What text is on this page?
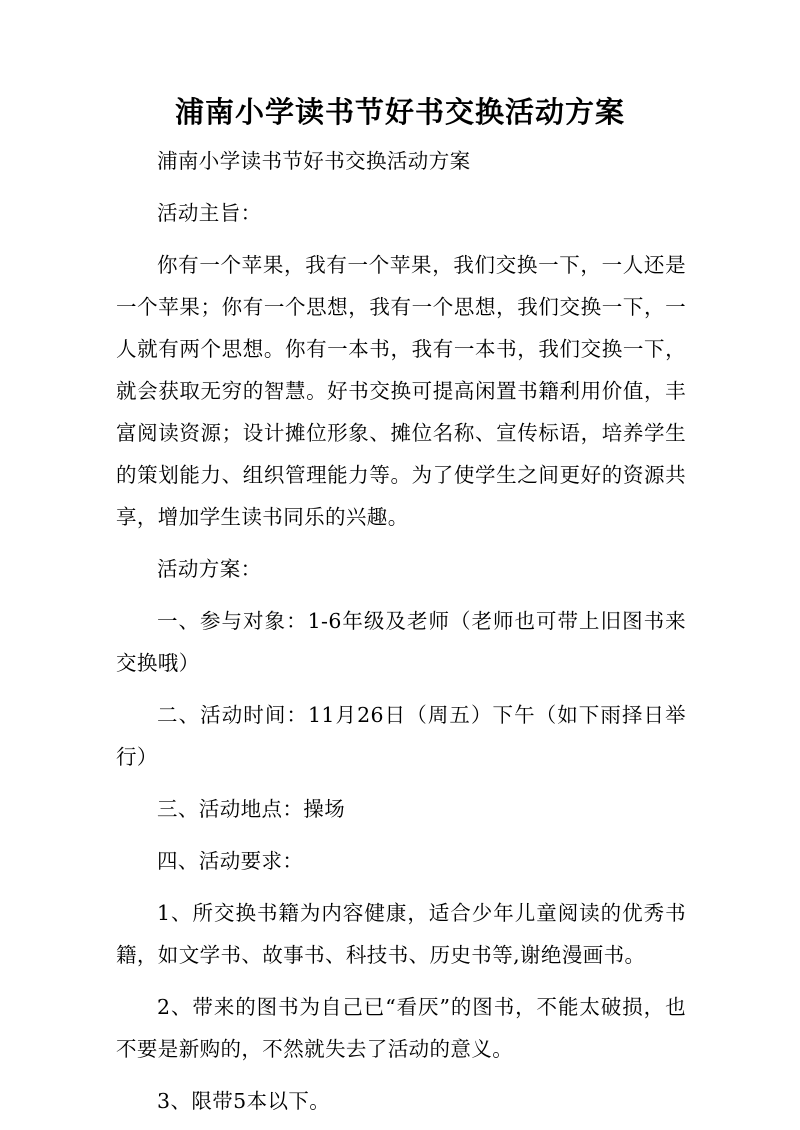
浦南小学读书节好书交换活动方案

浦南小学读书节好书交换活动方案

活动主旨：

你有一个苹果，我有一个苹果，我们交换一下，一人还是一个苹果；你有一个思想，我有一个思想，我们交换一下，一人就有两个思想。你有一本书，我有一本书，我们交换一下，就会获取无穷的智慧。好书交换可提高闲置书籍利用价值，丰富阅读资源；设计摊位形象、摊位名称、宣传标语，培养学生的策划能力、组织管理能力等。为了使学生之间更好的资源共享，增加学生读书同乐的兴趣。

活动方案：

一、参与对象：1-6年级及老师（老师也可带上旧图书来交换哦）

二、活动时间：11月26日（周五）下午（如下雨择日举行）

三、活动地点：操场

四、活动要求：

1、所交换书籍为内容健康，适合少年儿童阅读的优秀书籍，如文学书、故事书、科技书、历史书等,谢绝漫画书。

2、带来的图书为自己已“看厌”的图书，不能太破损，也不要是新购的，不然就失去了活动的意义。

3、限带5本以下。
